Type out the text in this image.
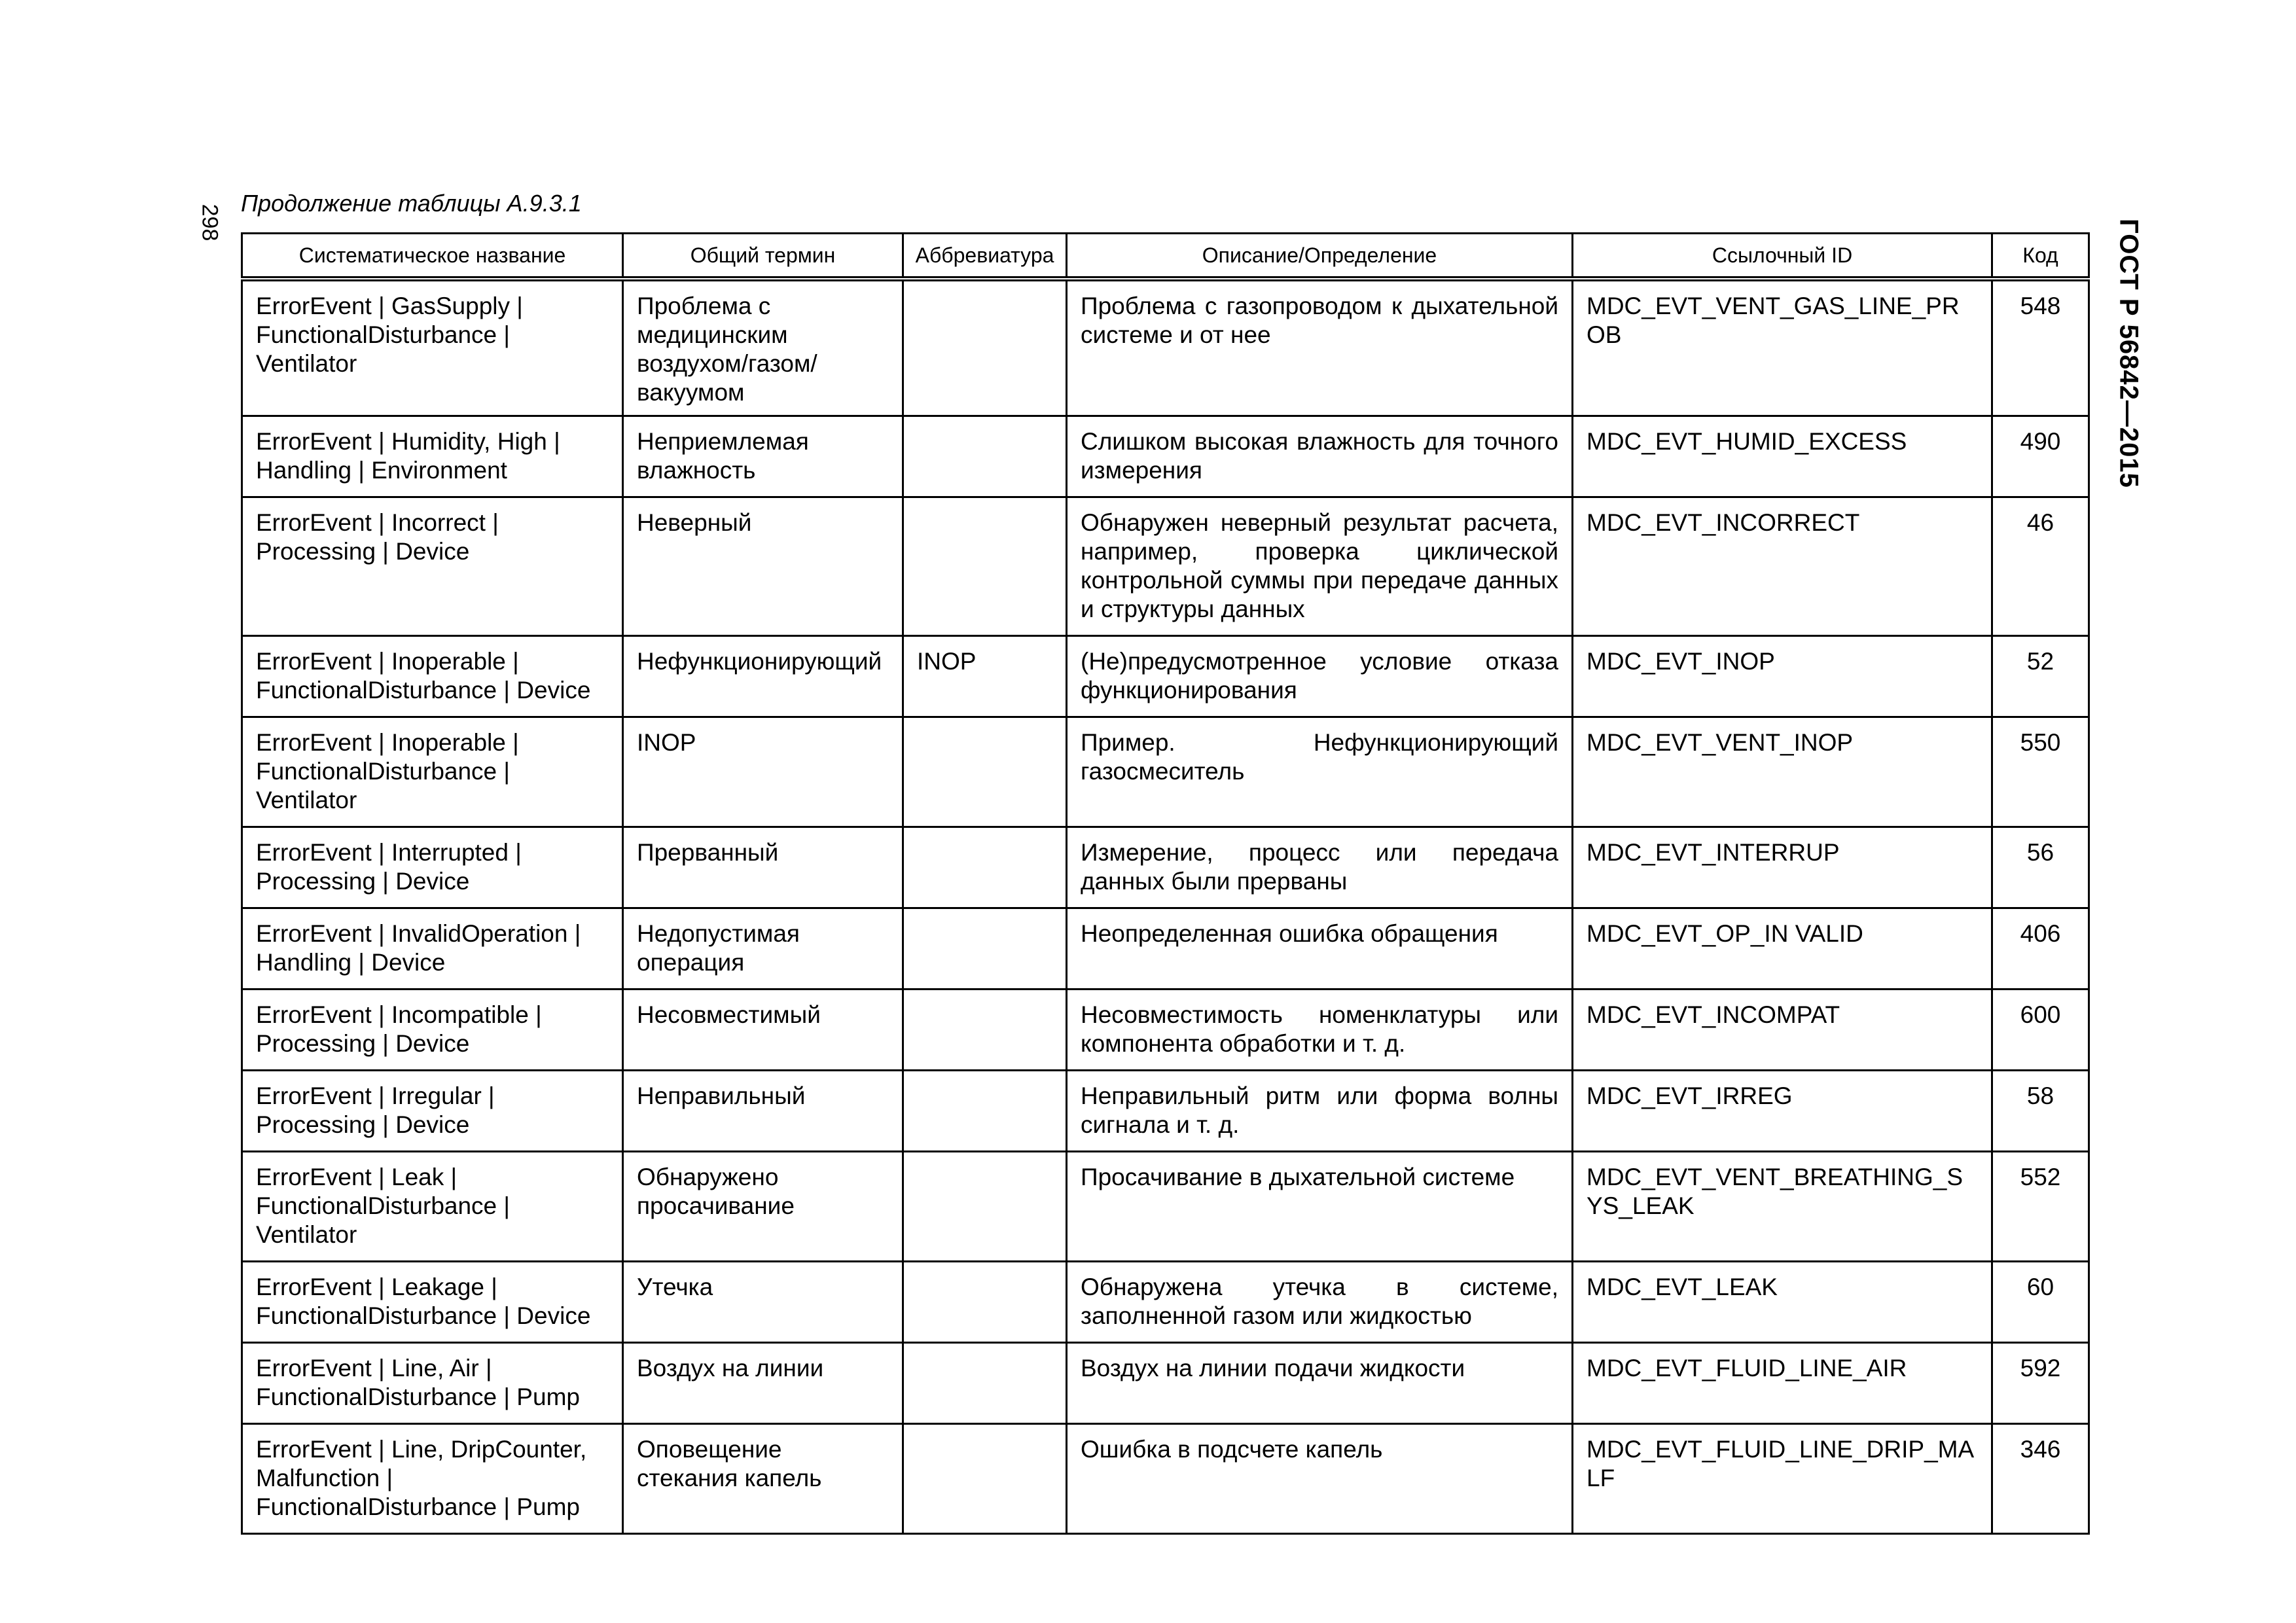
298	ГОСТ Р 56842—2015
Продолжение таблицы А.9.3.1
Систематическое название	Общий термин	Аббревиатура	Описание/Определение	Ссылочный ID	Код
ErrorEvent | GasSupply | FunctionalDisturbance | Ventilator	Проблема с медицинским воздухом/газом/вакуумом		Проблема с газопроводом к дыхательной системе и от нее	MDC_EVT_VENT_GAS_LINE_PROB	548
ErrorEvent | Humidity, High | Handling | Environment	Неприемлемая влажность		Слишком высокая влажность для точного измерения	MDC_EVT_HUMID_EXCESS	490
ErrorEvent | Incorrect | Processing | Device	Неверный		Обнаружен неверный результат расчета, например, проверка циклической контрольной суммы при передаче данных и структуры данных	MDC_EVT_INCORRECT	46
ErrorEvent | Inoperable | FunctionalDisturbance | Device	Нефункционирующий	INOP	(Не)предусмотренное условие отказа функционирования	MDC_EVT_INOP	52
ErrorEvent | Inoperable | FunctionalDisturbance | Ventilator	INOP		Пример. Нефункционирующий газосмеситель	MDC_EVT_VENT_INOP	550
ErrorEvent | Interrupted | Processing | Device	Прерванный		Измерение, процесс или передача данных были прерваны	MDC_EVT_INTERRUP	56
ErrorEvent | InvalidOperation | Handling | Device	Недопустимая операция		Неопределенная ошибка обращения	MDC_EVT_OP_IN VALID	406
ErrorEvent | Incompatible | Processing | Device	Несовместимый		Несовместимость номенклатуры или компонента обработки и т. д.	MDC_EVT_INCOMPAT	600
ErrorEvent | Irregular | Processing | Device	Неправильный		Неправильный ритм или форма волны сигнала и т. д.	MDC_EVT_IRREG	58
ErrorEvent | Leak | FunctionalDisturbance | Ventilator	Обнаружено просачивание		Просачивание в дыхательной системе	MDC_EVT_VENT_BREATHING_SYS_LEAK	552
ErrorEvent | Leakage | FunctionalDisturbance | Device	Утечка		Обнаружена утечка в системе, заполненной газом или жидкостью	MDC_EVT_LEAK	60
ErrorEvent | Line, Air | FunctionalDisturbance | Pump	Воздух на линии		Воздух на линии подачи жидкости	MDC_EVT_FLUID_LINE_AIR	592
ErrorEvent | Line, DripCounter, Malfunction | FunctionalDisturbance | Pump	Оповещение стекания капель		Ошибка в подсчете капель	MDC_EVT_FLUID_LINE_DRIP_MALF	346
